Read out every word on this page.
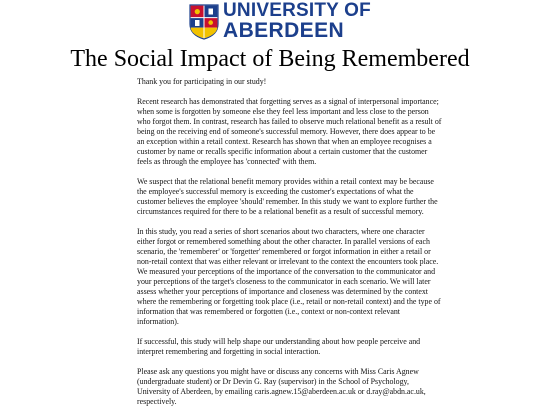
UNIVERSITY OF
ABERDEEN
The Social Impact of Being Remembered

Thank you for participating in our study!

Recent research has demonstrated that forgetting serves as a signal of interpersonal importance; when some is forgotten by someone else they feel less important and less close to the person who forgot them. In contrast, research has failed to observe much relational benefit as a result of being on the receiving end of someone's successful memory. However, there does appear to be an exception within a retail context. Research has shown that when an employee recognises a customer by name or recalls specific information about a certain customer that the customer feels as through the employee has 'connected' with them.

We suspect that the relational benefit memory provides within a retail context may be because the employee's successful memory is exceeding the customer's expectations of what the customer believes the employee 'should' remember. In this study we want to explore further the circumstances required for there to be a relational benefit as a result of successful memory.

In this study, you read a series of short scenarios about two characters, where one character either forgot or remembered something about the other character. In parallel versions of each scenario, the 'rememberer' or 'forgetter' remembered or forgot information in either a retail or non-retail context that was either relevant or irrelevant to the context the encounters took place. We measured your perceptions of the importance of the conversation to the communicator and your perceptions of the target's closeness to the communicator in each scenario. We will later assess whether your perceptions of importance and closeness was determined by the context where the remembering or forgetting took place (i.e., retail or non-retail context) and the type of information that was remembered or forgotten (i.e., context or non-context relevant information).

If successful, this study will help shape our understanding about how people perceive and interpret remembering and forgetting in social interaction.

Please ask any questions you might have or discuss any concerns with Miss Caris Agnew (undergraduate student) or Dr Devin G. Ray (supervisor) in the School of Psychology, University of Aberdeen, by emailing caris.agnew.15@aberdeen.ac.uk or d.ray@abdn.ac.uk, respectively.
